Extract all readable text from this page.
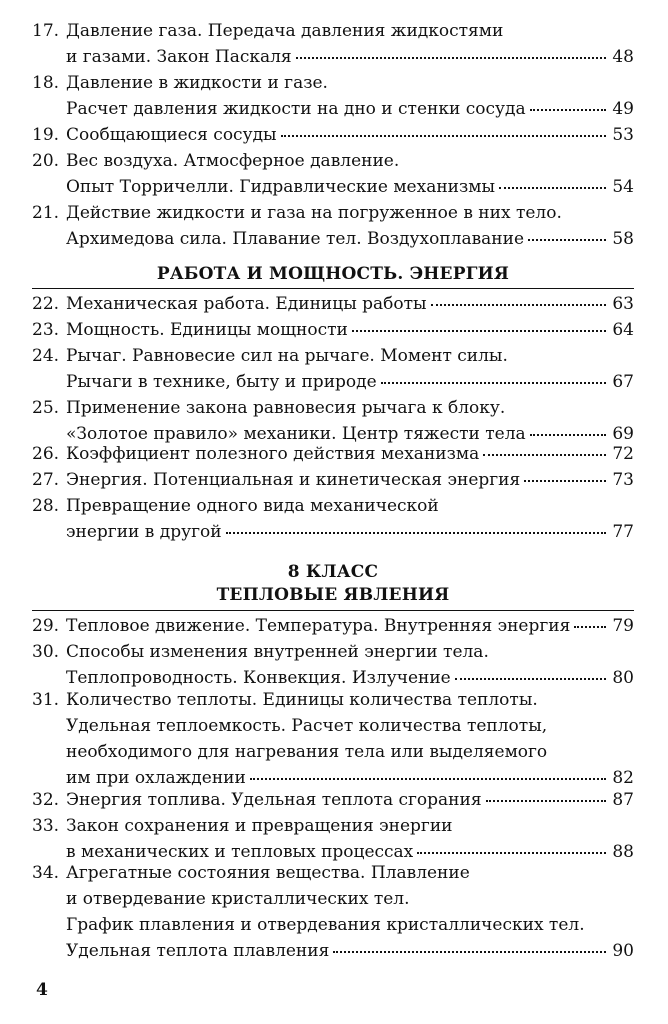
17. Давление газа. Передача давления жидкостями
и газами. Закон Паскаля	48
18. Давление в жидкости и газе.
Расчет давления жидкости на дно и стенки сосуда	49
19. Сообщающиеся сосуды	53
20. Вес воздуха. Атмосферное давление.
Опыт Торричелли. Гидравлические механизмы	54
21. Действие жидкости и газа на погруженное в них тело.
Архимедова сила. Плавание тел. Воздухоплавание	58
РАБОТА И МОЩНОСТЬ. ЭНЕРГИЯ
22. Механическая работа. Единицы работы	63
23. Мощность. Единицы мощности	64
24. Рычаг. Равновесие сил на рычаге. Момент силы.
Рычаги в технике, быту и природе	67
25. Применение закона равновесия рычага к блоку.
«Золотое правило» механики. Центр тяжести тела	69
26. Коэффициент полезного действия механизма	72
27. Энергия. Потенциальная и кинетическая энергия	73
28. Превращение одного вида механической
энергии в другой	77
8 КЛАСС
ТЕПЛОВЫЕ ЯВЛЕНИЯ
29. Тепловое движение. Температура. Внутренняя энергия 79
30. Способы изменения внутренней энергии тела.
Теплопроводность. Конвекция. Излучение	80
31. Количество теплоты. Единицы количества теплоты.
Удельная теплоемкость. Расчет количества теплоты,
необходимого для нагревания тела или выделяемого
им при охлаждении	82
32. Энергия топлива. Удельная теплота сгорания	87
33. Закон сохранения и превращения энергии
в механических и тепловых процессах	88
34. Агрегатные состояния вещества. Плавление
и отвердевание кристаллических тел.
График плавления и отвердевания кристаллических тел.
Удельная теплота плавления	90
4
